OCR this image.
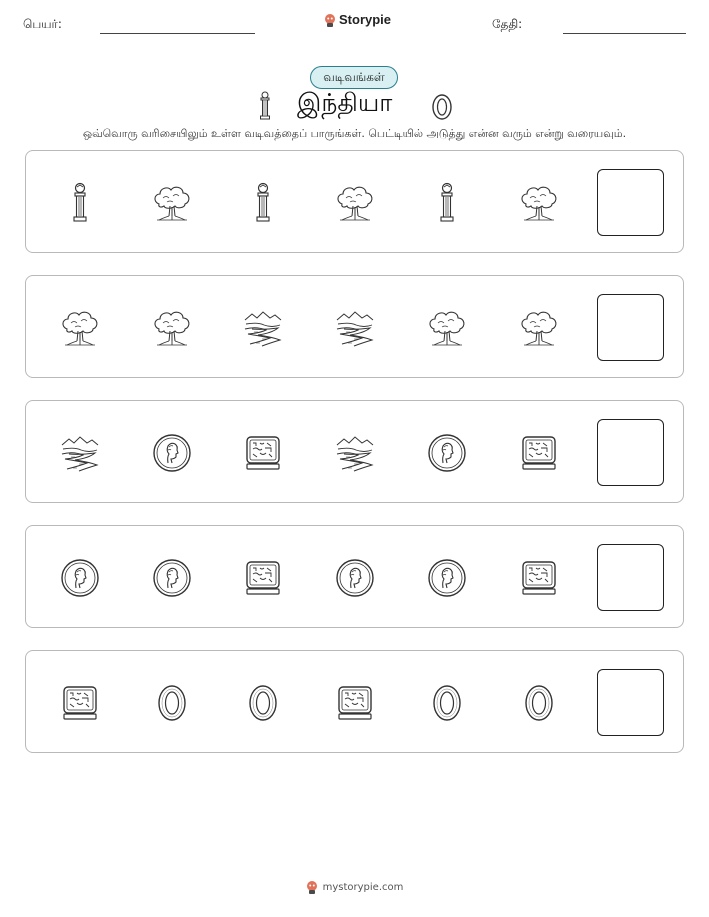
பெயர்:	Storypie	தேதி:
வடிவங்கள்
இந்தியா
ஒவ்வொரு வரிசையிலும் உள்ள வடிவத்தைப் பாருங்கள். பெட்டியில் அடுத்து என்ன வரும் என்று வரையவும்.
mystorypie.com
